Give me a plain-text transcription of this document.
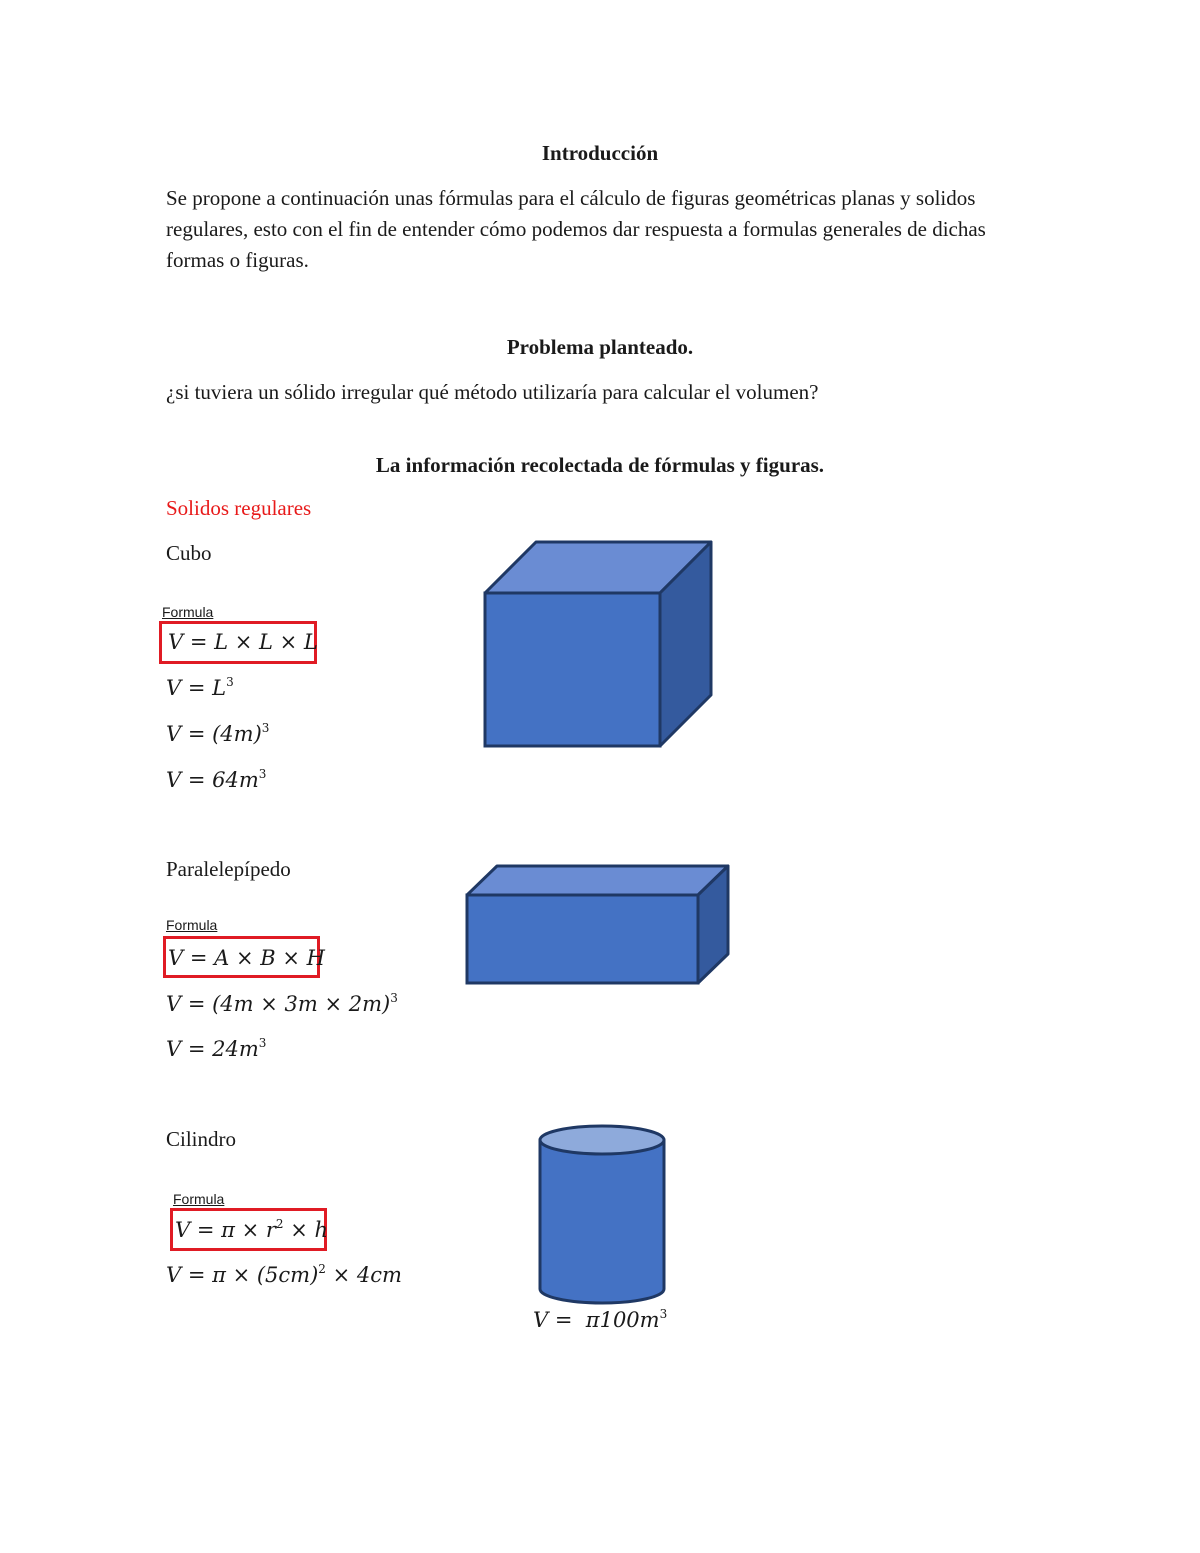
Introducción
Se propone a continuación unas fórmulas para el cálculo de figuras geométricas planas y solidos regulares, esto con el fin de entender cómo podemos dar respuesta a formulas generales de dichas formas o figuras.
Problema planteado.
¿si tuviera un sólido irregular qué método utilizaría para calcular el volumen?
La información recolectada de fórmulas y figuras.
Solidos regulares
Cubo
Formula
V = L × L × L
$V = L^3$
$V = (4m)^3$
$V = 64m^3$
Paralelepípedo
Formula
V = A × B × H
$V = (4m \times 3m \times 2m)^3$
$V = 24m^3$
Cilindro
Formula
$V = \pi \times r^2 \times h$
$V = \pi \times (5cm)^2 \times 4cm$
$V = \pi 100m^3$
